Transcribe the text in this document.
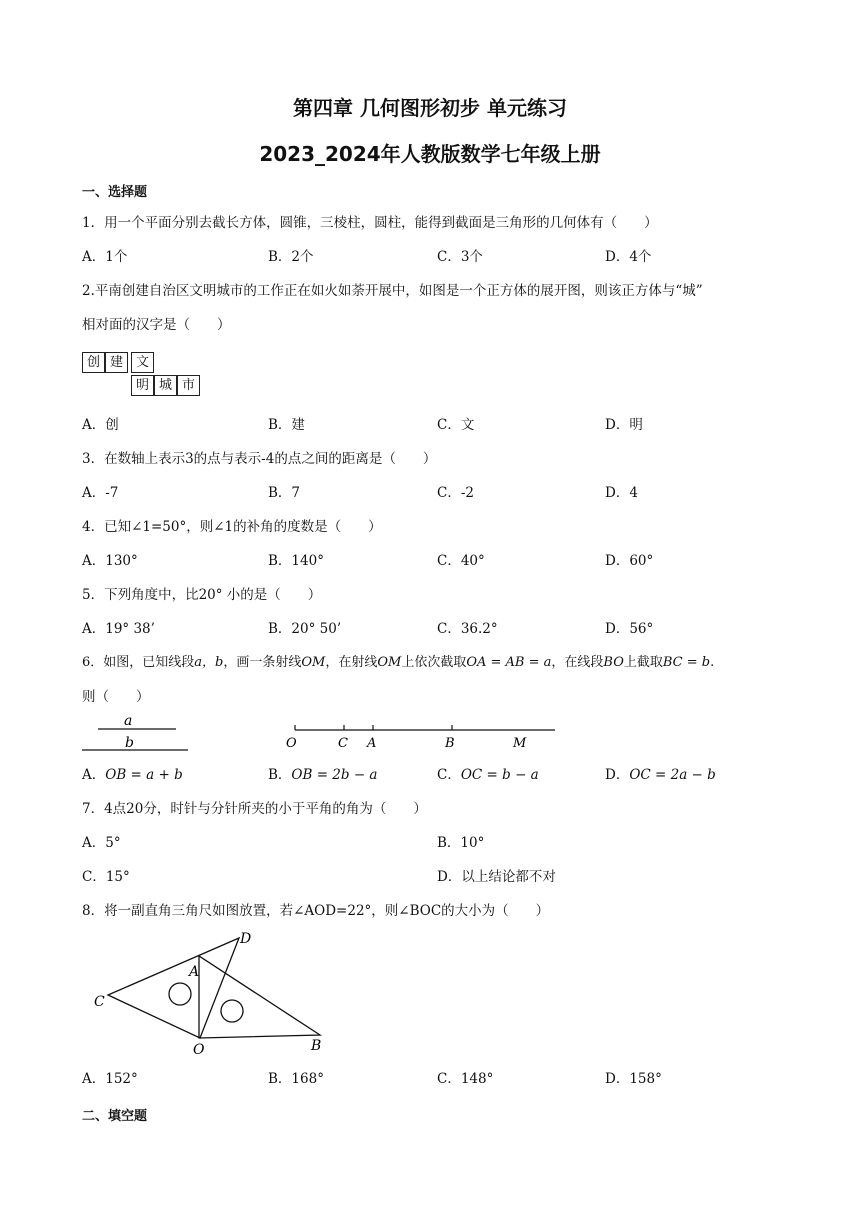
第四章 几何图形初步 单元练习
2023_2024年人教版数学七年级上册
一、选择题
1．用一个平面分别去截长方体，圆锥，三棱柱，圆柱，能得到截面是三角形的几何体有（　　）
A．1个	B．2个	C．3个	D．4个
2.平南创建自治区文明城市的工作正在如火如荼开展中，如图是一个正方体的展开图，则该正方体与“城”
相对面的汉字是（　　）
创 建 文
明 城 市
A．创	B．建	C．文	D．明
3．在数轴上表示3的点与表示-4的点之间的距离是（　　）
A．-7	B．7	C．-2	D．4
4．已知∠1=50°，则∠1的补角的度数是（　　）
A．130°	B．140°	C．40°	D．60°
5．下列角度中，比20° 小的是（　　）
A．19° 38’	B．20° 50’	C．36.2°	D．56°
6．如图，已知线段a，b，画一条射线OM，在射线OM上依次截取OA = AB = a，在线段BO上截取BC = b.
则（　　）
a
b	O	C A	B	M
A．OB = a + b	B．OB = 2b − a	C．OC = b − a	D．OC = 2a − b
7．4点20分，时针与分针所夹的小于平角的角为（　　）
A．5°	B．10°
C．15°	D．以上结论都不对
8．将一副直角三角尺如图放置，若∠AOD=22°，则∠BOC的大小为（　　）
D
A
C
O	B
A．152°	B．168°	C．148°	D．158°
二、填空题
